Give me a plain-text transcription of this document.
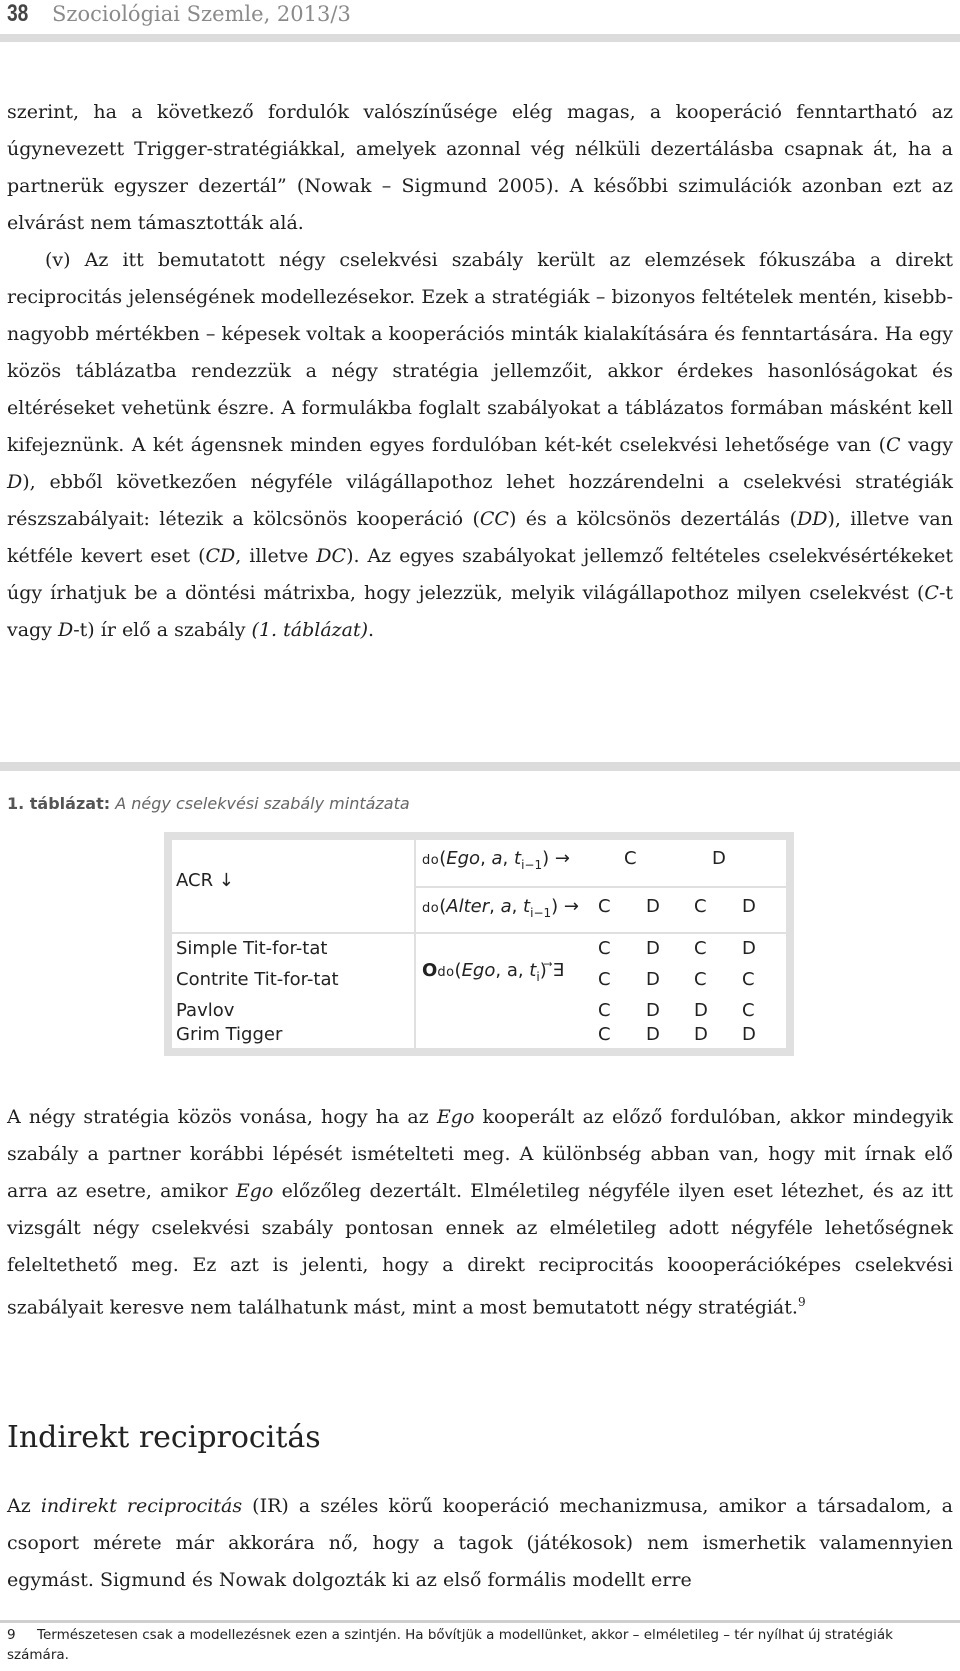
38 Szociológiai Szemle, 2013/3

szerint, ha a következő fordulók valószínűsége elég magas, a kooperáció fenntartható az úgynevezett Trigger-stratégiákkal, amelyek azonnal vég nélküli dezertálásba csapnak át, ha a partnerük egyszer dezertál” (Nowak – Sigmund 2005). A későbbi szimulációk azonban ezt az elvárást nem támasztották alá.

(v) Az itt bemutatott négy cselekvési szabály került az elemzések fókuszába a direkt reciprocitás jelenségének modellezésekor. Ezek a stratégiák – bizonyos feltételek mentén, kisebb-nagyobb mértékben – képesek voltak a kooperációs minták kialakítására és fenntartására. Ha egy közös táblázatba rendezzük a négy stratégia jellemzőit, akkor érdekes hasonlóságokat és eltéréseket vehetünk észre. A formulákba foglalt szabályokat a táblázatos formában másként kell kifejeznünk. A két ágensnek minden egyes fordulóban két-két cselekvési lehetősége van (C vagy D), ebből következően négyféle világállapothoz lehet hozzárendelni a cselekvési stratégiák részszabályait: létezik a kölcsönös kooperáció (CC) és a kölcsönös dezertálás (DD), illetve van kétféle kevert eset (CD, illetve DC). Az egyes szabályokat jellemző feltételes cselekvésértékeket úgy írhatjuk be a döntési mátrixba, hogy jelezzük, melyik világállapothoz milyen cselekvést (C-t vagy D-t) ír elő a szabály (1. táblázat).

1. táblázat: A négy cselekvési szabály mintázata
ACR ↓
do(Ego, a, $t_{i-1}$) →	C	D
do(Alter, a, $t_{i-1}) \to C$ D C D
Odo(Ego, a, $t_i$) ⃗∃
Simple Tit-for-tat	C D C D
Contrite Tit-for-tat	C D C C
Pavlov	C D D C
Grim Tigger	C D D D

A négy stratégia közös vonása, hogy ha az Ego kooperált az előző fordulóban, akkor mindegyik szabály a partner korábbi lépését ismételteti meg. A különbség abban van, hogy mit írnak elő arra az esetre, amikor Ego előzőleg dezertált. Elméletileg négyféle ilyen eset létezhet, és az itt vizsgált négy cselekvési szabály pontosan ennek az elméletileg adott négyféle lehetőségnek feleltethető meg. Ez azt is jelenti, hogy a direkt reciprocitás koooperációképes cselekvési szabályait keresve nem találhatunk mást, mint a most bemutatott négy stratégiát.$^9$

Indirekt reciprocitás

Az indirekt reciprocitás (IR) a széles körű kooperáció mechanizmusa, amikor a társadalom, a csoport mérete már akkorára nő, hogy a tagok (játékosok) nem ismerhetik valamennyien egymást. Sigmund és Nowak dolgozták ki az első formális modellt erre

9 Természetesen csak a modellezésnek ezen a szintjén. Ha bővítjük a modellünket, akkor – elméletileg – tér nyílhat új stratégiák számára.
